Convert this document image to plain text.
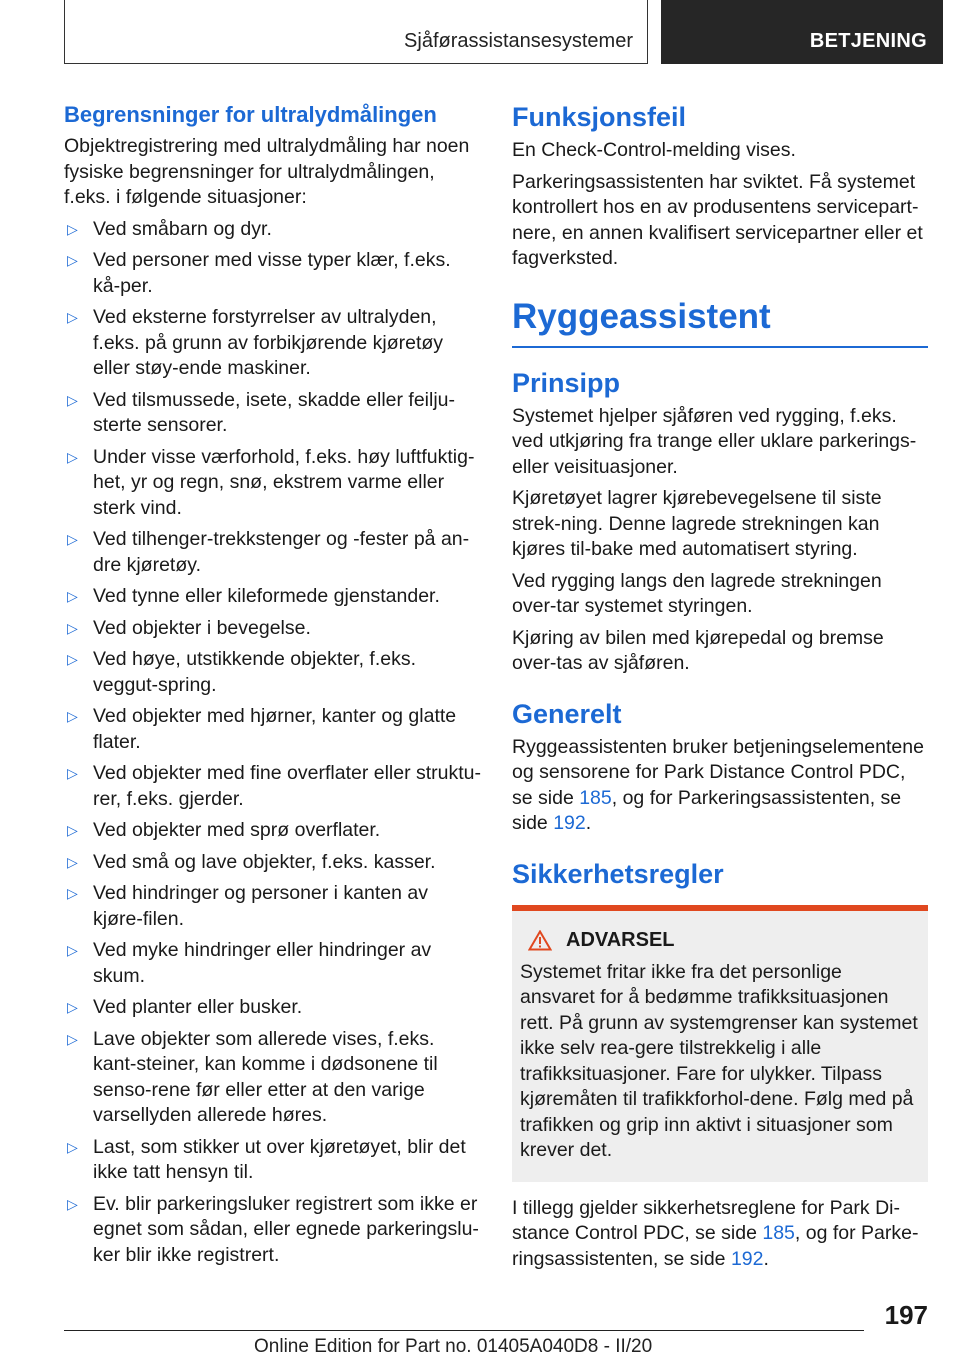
Sjåførassistansesystemer	BETJENING
Begrensninger for ultralydmålingen

Objektregistrering med ultralydmåling har noen fysiske begrensninger for ultralydmålingen, f.eks. i følgende situasjoner:

▷ Ved småbarn og dyr.
▷ Ved personer med visse typer klær, f.eks. kå-per.
▷ Ved eksterne forstyrrelser av ultralyden, f.eks. på grunn av forbikjørende kjøretøy eller støy-ende maskiner.
▷ Ved tilsmussede, isete, skadde eller feilju-sterte sensorer.
▷ Under visse værforhold, f.eks. høy luftfuktig-het, yr og regn, snø, ekstrem varme eller sterk vind.
▷ Ved tilhenger-trekkstenger og -fester på an-dre kjøretøy.
▷ Ved tynne eller kileformede gjenstander.
▷ Ved objekter i bevegelse.
▷ Ved høye, utstikkende objekter, f.eks. veggut-spring.
▷ Ved objekter med hjørner, kanter og glatte flater.
▷ Ved objekter med fine overflater eller struktu-rer, f.eks. gjerder.
▷ Ved objekter med sprø overflater.
▷ Ved små og lave objekter, f.eks. kasser.
▷ Ved hindringer og personer i kanten av kjøre-filen.
▷ Ved myke hindringer eller hindringer av skum.
▷ Ved planter eller busker.
▷ Lave objekter som allerede vises, f.eks. kant-steiner, kan komme i dødsonene til senso-rene før eller etter at den varige varsellyden allerede høres.
▷ Last, som stikker ut over kjøretøyet, blir det ikke tatt hensyn til.
▷ Ev. blir parkeringsluker registrert som ikke er egnet som sådan, eller egnede parkeringslu-ker blir ikke registrert.
Funksjonsfeil

En Check-Control-melding vises.

Parkeringsassistenten har sviktet. Få systemet kontrollert hos en av produsentens servicepart-nere, en annen kvalifisert servicepartner eller et fagverksted.

Ryggeassistent
Prinsipp

Systemet hjelper sjåføren ved rygging, f.eks. ved utkjøring fra trange eller uklare parkerings- eller veisituasjoner.

Kjøretøyet lagrer kjørebevegelsene til siste strek-ning. Denne lagrede strekningen kan kjøres til-bake med automatisert styring.

Ved rygging langs den lagrede strekningen over-tar systemet styringen.

Kjøring av bilen med kjørepedal og bremse over-tas av sjåføren.

Generelt

Ryggeassistenten bruker betjeningselementene og sensorene for Park Distance Control PDC, se side 185, og for Parkeringsassistenten, se side 192.

Sikkerhetsregler
ADVARSEL

Systemet fritar ikke fra det personlige ansvaret for å bedømme trafikksituasjonen rett. På grunn av systemgrenser kan systemet ikke selv rea-gere tilstrekkelig i alle trafikksituasjoner. Fare for ulykker. Tilpass kjøremåten til trafikkforhol-dene. Følg med på trafikken og grip inn aktivt i situasjoner som krever det.

I tillegg gjelder sikkerhetsreglene for Park Di-stance Control PDC, se side 185, og for Parke-ringsassistenten, se side 192.

197
Online Edition for Part no. 01405A040D8 - II/20
